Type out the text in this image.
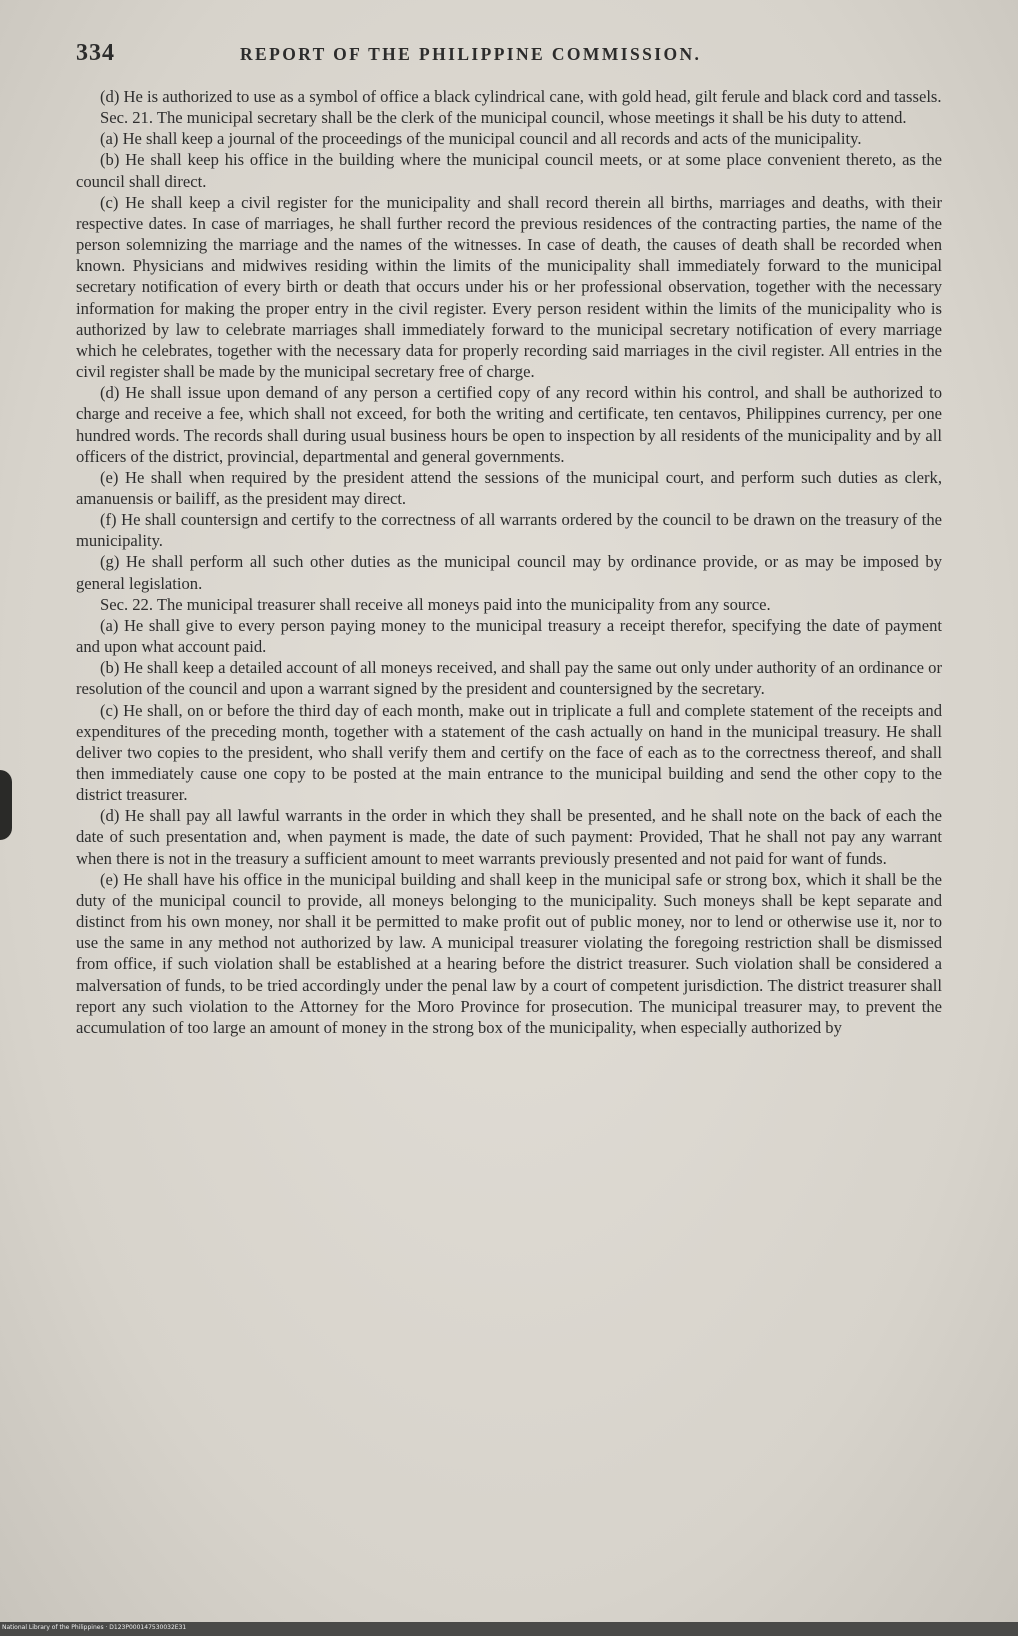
334	REPORT OF THE PHILIPPINE COMMISSION.

(d) He is authorized to use as a symbol of office a black cylindrical cane, with gold head, gilt ferule and black cord and tassels.

Sec. 21. The municipal secretary shall be the clerk of the municipal council, whose meetings it shall be his duty to attend.

(a) He shall keep a journal of the proceedings of the municipal council and all records and acts of the municipality.

(b) He shall keep his office in the building where the municipal council meets, or at some place convenient thereto, as the council shall direct.

(c) He shall keep a civil register for the municipality and shall record therein all births, marriages and deaths, with their respective dates. In case of marriages, he shall further record the previous residences of the contracting parties, the name of the person solemnizing the marriage and the names of the witnesses. In case of death, the causes of death shall be recorded when known. Physicians and midwives residing within the limits of the municipality shall immediately forward to the municipal secretary notification of every birth or death that occurs under his or her professional observation, together with the necessary information for making the proper entry in the civil register. Every person resident within the limits of the municipality who is authorized by law to celebrate marriages shall immediately forward to the municipal secretary notification of every marriage which he celebrates, together with the necessary data for properly recording said marriages in the civil register. All entries in the civil register shall be made by the municipal secretary free of charge.

(d) He shall issue upon demand of any person a certified copy of any record within his control, and shall be authorized to charge and receive a fee, which shall not exceed, for both the writing and certificate, ten centavos, Philippines currency, per one hundred words. The records shall during usual business hours be open to inspection by all residents of the municipality and by all officers of the district, provincial, departmental and general governments.

(e) He shall when required by the president attend the sessions of the municipal court, and perform such duties as clerk, amanuensis or bailiff, as the president may direct.

(f) He shall countersign and certify to the correctness of all warrants ordered by the council to be drawn on the treasury of the municipality.

(g) He shall perform all such other duties as the municipal council may by ordinance provide, or as may be imposed by general legislation.

Sec. 22. The municipal treasurer shall receive all moneys paid into the municipality from any source.

(a) He shall give to every person paying money to the municipal treasury a receipt therefor, specifying the date of payment and upon what account paid.

(b) He shall keep a detailed account of all moneys received, and shall pay the same out only under authority of an ordinance or resolution of the council and upon a warrant signed by the president and countersigned by the secretary.

(c) He shall, on or before the third day of each month, make out in triplicate a full and complete statement of the receipts and expenditures of the preceding month, together with a statement of the cash actually on hand in the municipal treasury. He shall deliver two copies to the president, who shall verify them and certify on the face of each as to the correctness thereof, and shall then immediately cause one copy to be posted at the main entrance to the municipal building and send the other copy to the district treasurer.

(d) He shall pay all lawful warrants in the order in which they shall be presented, and he shall note on the back of each the date of such presentation and, when payment is made, the date of such payment: Provided, That he shall not pay any warrant when there is not in the treasury a sufficient amount to meet warrants previously presented and not paid for want of funds.

(e) He shall have his office in the municipal building and shall keep in the municipal safe or strong box, which it shall be the duty of the municipal council to provide, all moneys belonging to the municipality. Such moneys shall be kept separate and distinct from his own money, nor shall it be permitted to make profit out of public money, nor to lend or otherwise use it, nor to use the same in any method not authorized by law. A municipal treasurer violating the foregoing restriction shall be dismissed from office, if such violation shall be established at a hearing before the district treasurer. Such violation shall be considered a malversation of funds, to be tried accordingly under the penal law by a court of competent jurisdiction. The district treasurer shall report any such violation to the Attorney for the Moro Province for prosecution. The municipal treasurer may, to prevent the accumulation of too large an amount of money in the strong box of the municipality, when especially authorized by

National Library of the Philippines · D123P000147530032E31
